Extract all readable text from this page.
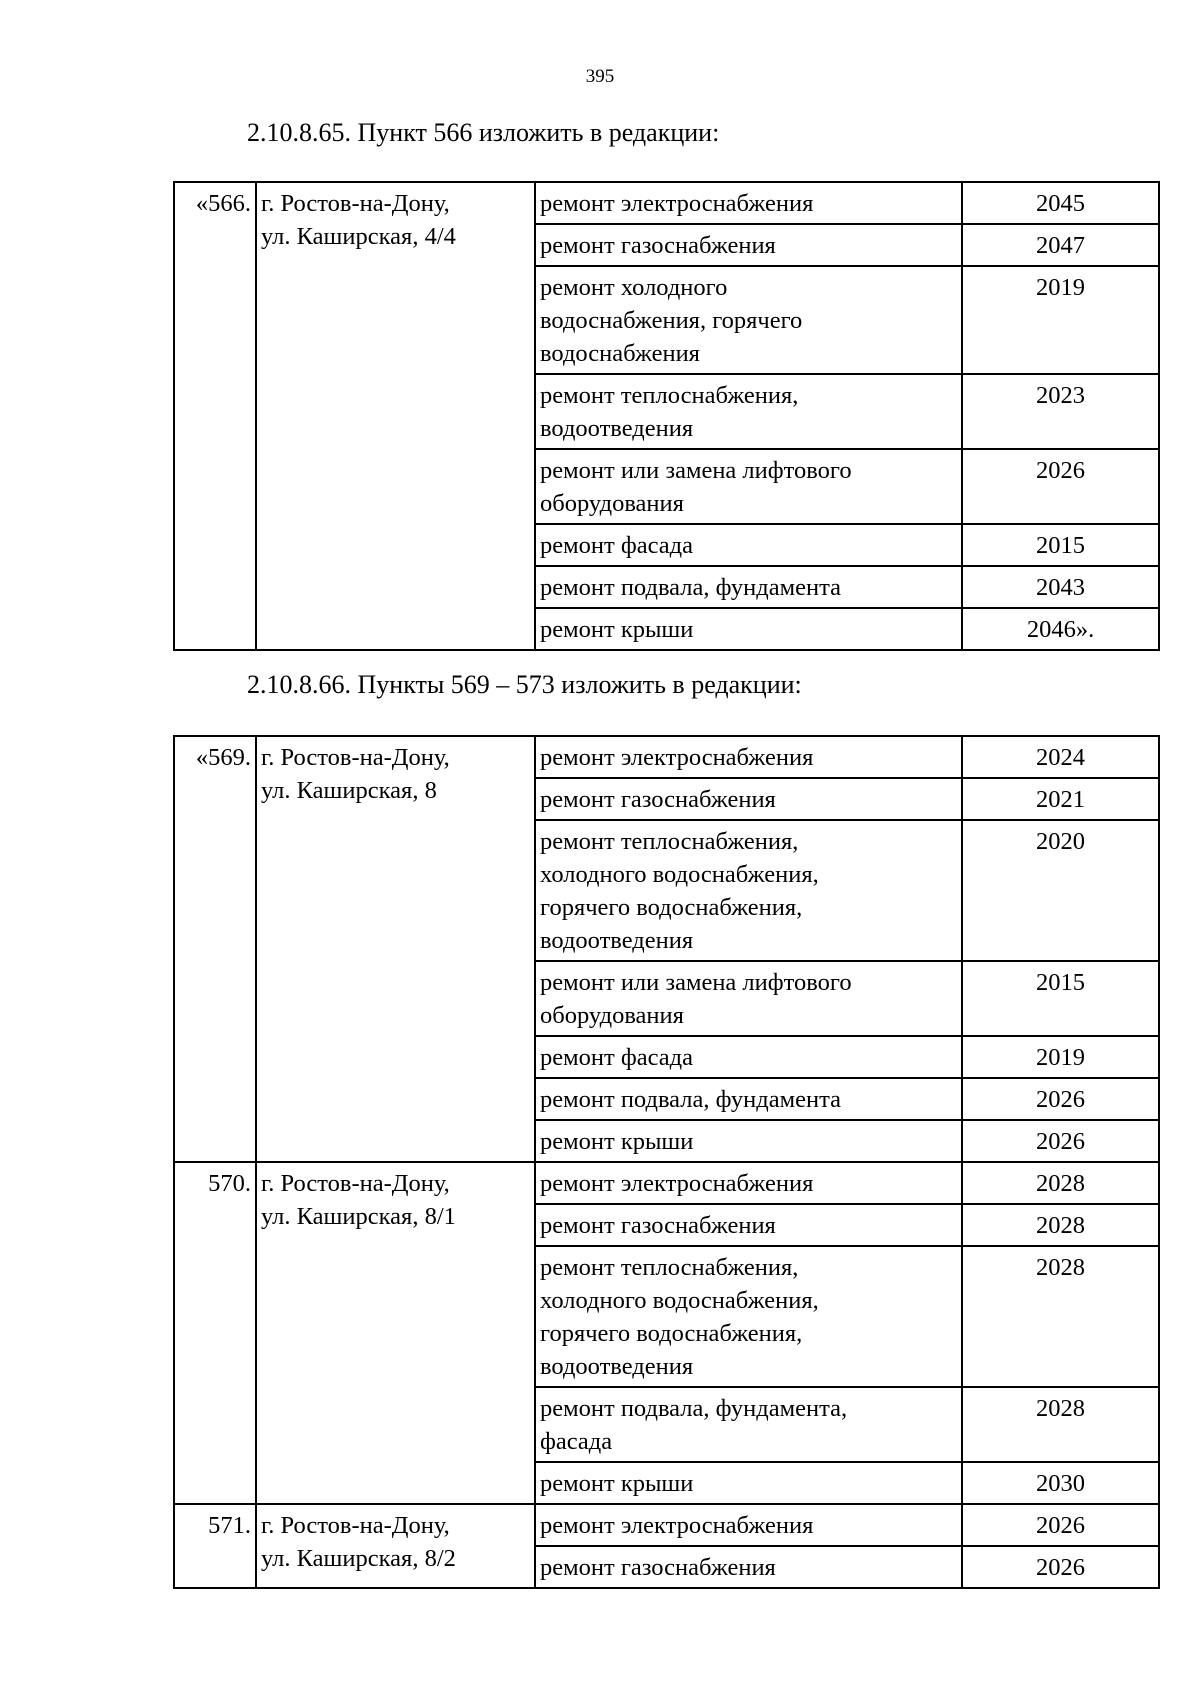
395
2.10.8.65. Пункт 566 изложить в редакции:
«566.	г. Ростов-на-Дону,
ул. Каширская, 4/4	ремонт электроснабжения	2045

		ремонт газоснабжения	2047

		ремонт холодного
водоснабжения, горячего
водоснабжения	2019

		ремонт теплоснабжения,
водоотведения	2023

		ремонт или замена лифтового
оборудования	2026

		ремонт фасада	2015

		ремонт подвала, фундамента	2043

		ремонт крыши	2046».
2.10.8.66. Пункты 569 – 573 изложить в редакции:
«569.	г. Ростов-на-Дону,
ул. Каширская, 8	ремонт электроснабжения	2024

		ремонт газоснабжения	2021

		ремонт теплоснабжения,
холодного водоснабжения,
горячего водоснабжения,
водоотведения	2020

		ремонт или замена лифтового
оборудования	2015

		ремонт фасада	2019

		ремонт подвала, фундамента	2026

		ремонт крыши	2026
570.	г. Ростов-на-Дону,
ул. Каширская, 8/1	ремонт электроснабжения	2028

		ремонт газоснабжения	2028

		ремонт теплоснабжения,
холодного водоснабжения,
горячего водоснабжения,
водоотведения	2028

		ремонт подвала, фундамента,
фасада	2028

		ремонт крыши	2030
571.	г. Ростов-на-Дону,
ул. Каширская, 8/2	ремонт электроснабжения	2026

		ремонт газоснабжения	2026
